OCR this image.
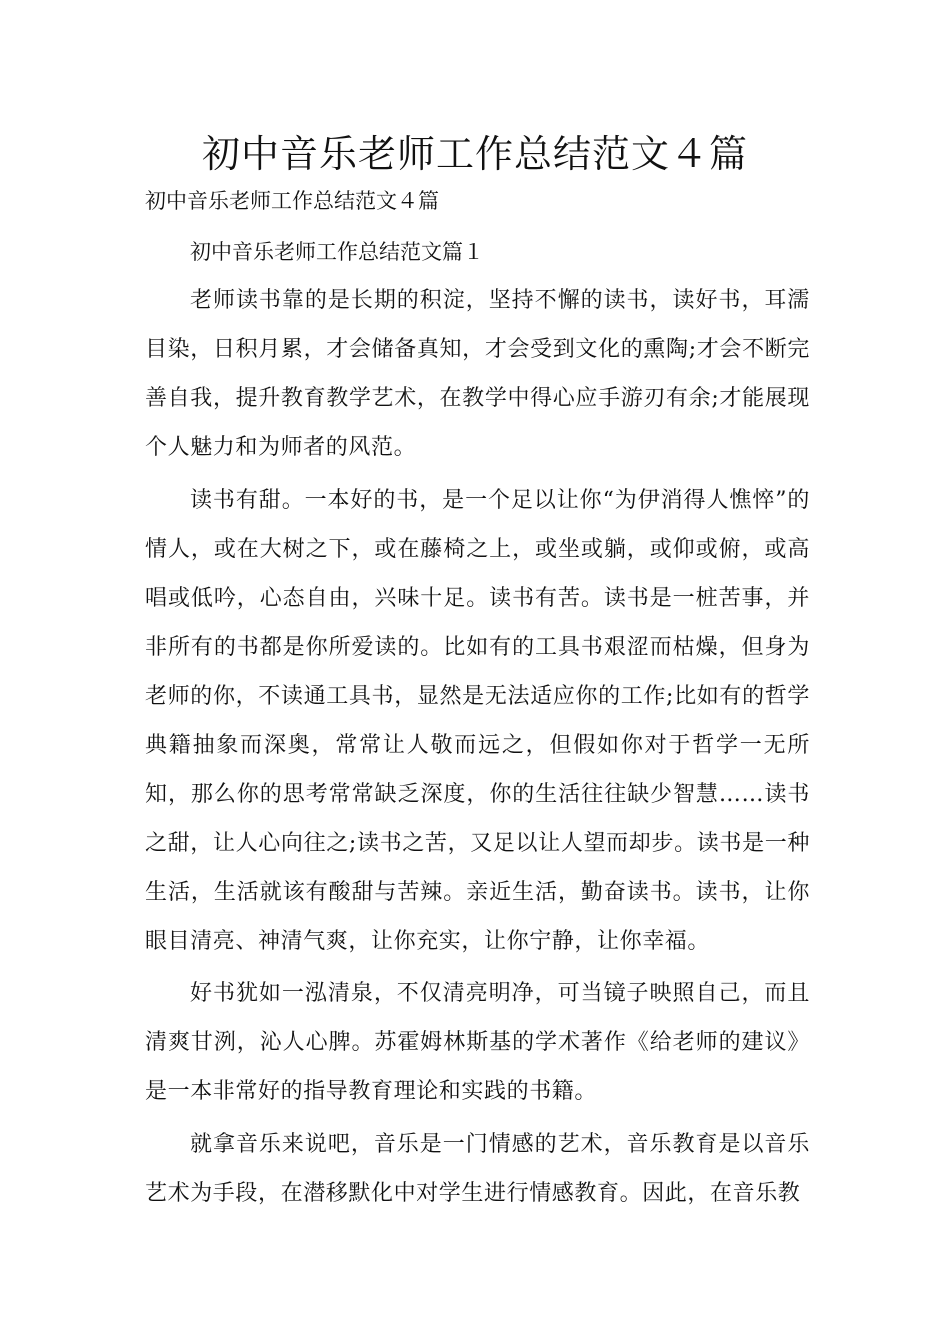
初中音乐老师工作总结范文４篇

初中音乐老师工作总结范文４篇

初中音乐老师工作总结范文篇１

老师读书靠的是长期的积淀，坚持不懈的读书，读好书，耳濡目染，日积月累，才会储备真知，才会受到文化的熏陶;才会不断完善自我，提升教育教学艺术，在教学中得心应手游刃有余;才能展现个人魅力和为师者的风范。

读书有甜。一本好的书，是一个足以让你“为伊消得人憔悴”的情人，或在大树之下，或在藤椅之上，或坐或躺，或仰或俯，或高唱或低吟，心态自由，兴味十足。读书有苦。读书是一桩苦事，并非所有的书都是你所爱读的。比如有的工具书艰涩而枯燥，但身为老师的你，不读通工具书，显然是无法适应你的工作;比如有的哲学典籍抽象而深奥，常常让人敬而远之，但假如你对于哲学一无所知，那么你的思考常常缺乏深度，你的生活往往缺少智慧……读书之甜，让人心向往之;读书之苦，又足以让人望而却步。读书是一种生活，生活就该有酸甜与苦辣。亲近生活，勤奋读书。读书，让你眼目清亮、神清气爽，让你充实，让你宁静，让你幸福。

好书犹如一泓清泉，不仅清亮明净，可当镜子映照自己，而且清爽甘洌，沁人心脾。苏霍姆林斯基的学术著作《给老师的建议》是一本非常好的指导教育理论和实践的书籍。

就拿音乐来说吧，音乐是一门情感的艺术，音乐教育是以音乐艺术为手段，在潜移默化中对学生进行情感教育。因此，在音乐教
